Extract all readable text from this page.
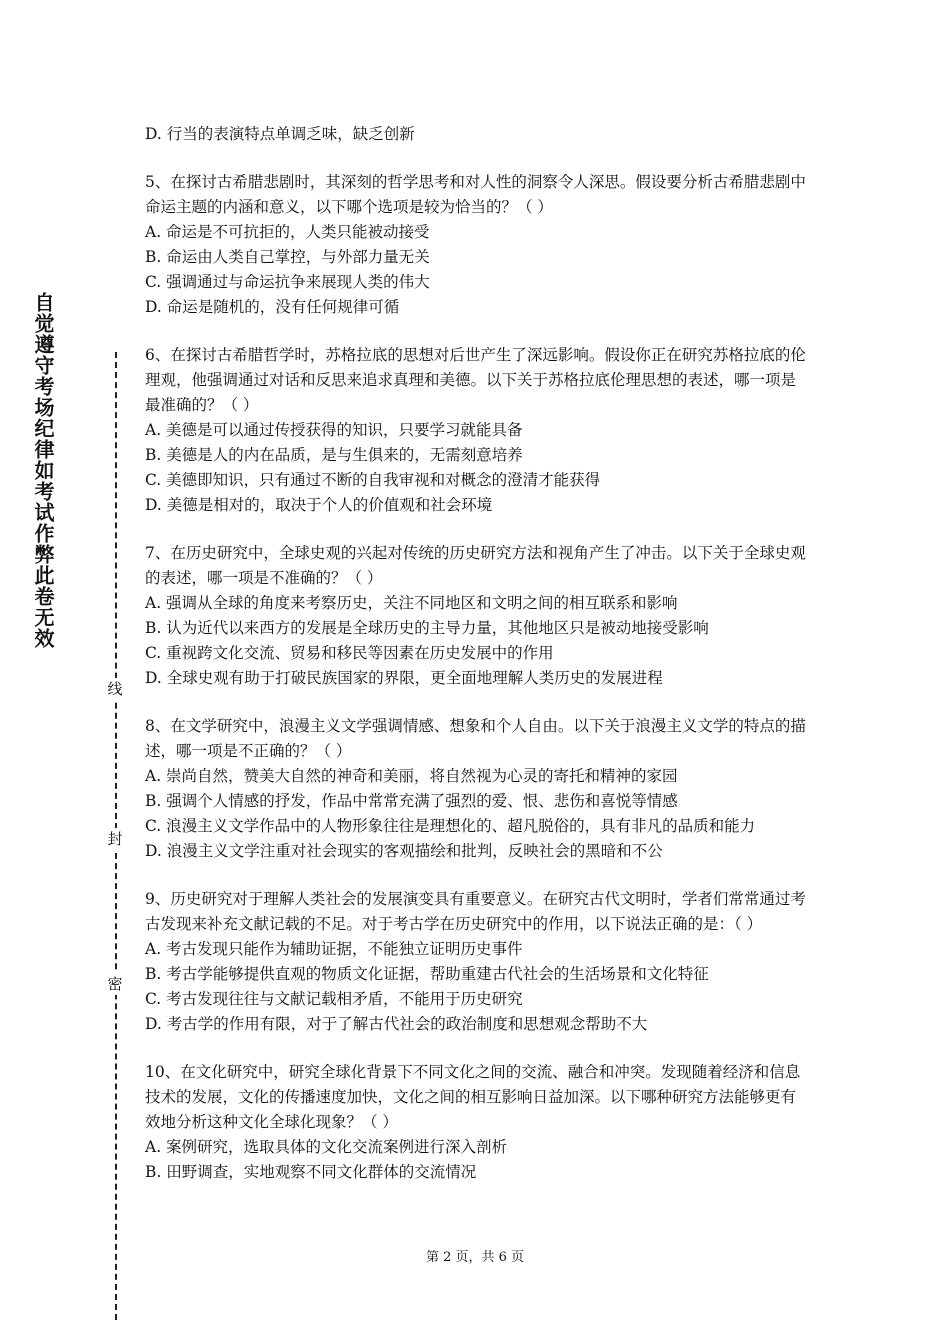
自觉遵守考场纪律如考试作弊此卷无效
线
封
密
D. 行当的表演特点单调乏味，缺乏创新
5、在探讨古希腊悲剧时，其深刻的哲学思考和对人性的洞察令人深思。假设要分析古希腊悲剧中命运主题的内涵和意义，以下哪个选项是较为恰当的？（ ）
A. 命运是不可抗拒的，人类只能被动接受
B. 命运由人类自己掌控，与外部力量无关
C. 强调通过与命运抗争来展现人类的伟大
D. 命运是随机的，没有任何规律可循
6、在探讨古希腊哲学时，苏格拉底的思想对后世产生了深远影响。假设你正在研究苏格拉底的伦理观，他强调通过对话和反思来追求真理和美德。以下关于苏格拉底伦理思想的表述，哪一项是最准确的？（ ）
A. 美德是可以通过传授获得的知识，只要学习就能具备
B. 美德是人的内在品质，是与生俱来的，无需刻意培养
C. 美德即知识，只有通过不断的自我审视和对概念的澄清才能获得
D. 美德是相对的，取决于个人的价值观和社会环境
7、在历史研究中，全球史观的兴起对传统的历史研究方法和视角产生了冲击。以下关于全球史观的表述，哪一项是不准确的？（ ）
A. 强调从全球的角度来考察历史，关注不同地区和文明之间的相互联系和影响
B. 认为近代以来西方的发展是全球历史的主导力量，其他地区只是被动地接受影响
C. 重视跨文化交流、贸易和移民等因素在历史发展中的作用
D. 全球史观有助于打破民族国家的界限，更全面地理解人类历史的发展进程
8、在文学研究中，浪漫主义文学强调情感、想象和个人自由。以下关于浪漫主义文学的特点的描述，哪一项是不正确的？（ ）
A. 崇尚自然，赞美大自然的神奇和美丽，将自然视为心灵的寄托和精神的家园
B. 强调个人情感的抒发，作品中常常充满了强烈的爱、恨、悲伤和喜悦等情感
C. 浪漫主义文学作品中的人物形象往往是理想化的、超凡脱俗的，具有非凡的品质和能力
D. 浪漫主义文学注重对社会现实的客观描绘和批判，反映社会的黑暗和不公
9、历史研究对于理解人类社会的发展演变具有重要意义。在研究古代文明时，学者们常常通过考古发现来补充文献记载的不足。对于考古学在历史研究中的作用，以下说法正确的是：（ ）
A. 考古发现只能作为辅助证据，不能独立证明历史事件
B. 考古学能够提供直观的物质文化证据，帮助重建古代社会的生活场景和文化特征
C. 考古发现往往与文献记载相矛盾，不能用于历史研究
D. 考古学的作用有限，对于了解古代社会的政治制度和思想观念帮助不大
10、在文化研究中，研究全球化背景下不同文化之间的交流、融合和冲突。发现随着经济和信息技术的发展，文化的传播速度加快，文化之间的相互影响日益加深。以下哪种研究方法能够更有效地分析这种文化全球化现象？（ ）
A. 案例研究，选取具体的文化交流案例进行深入剖析
B. 田野调查，实地观察不同文化群体的交流情况
第 2 页，共 6 页
